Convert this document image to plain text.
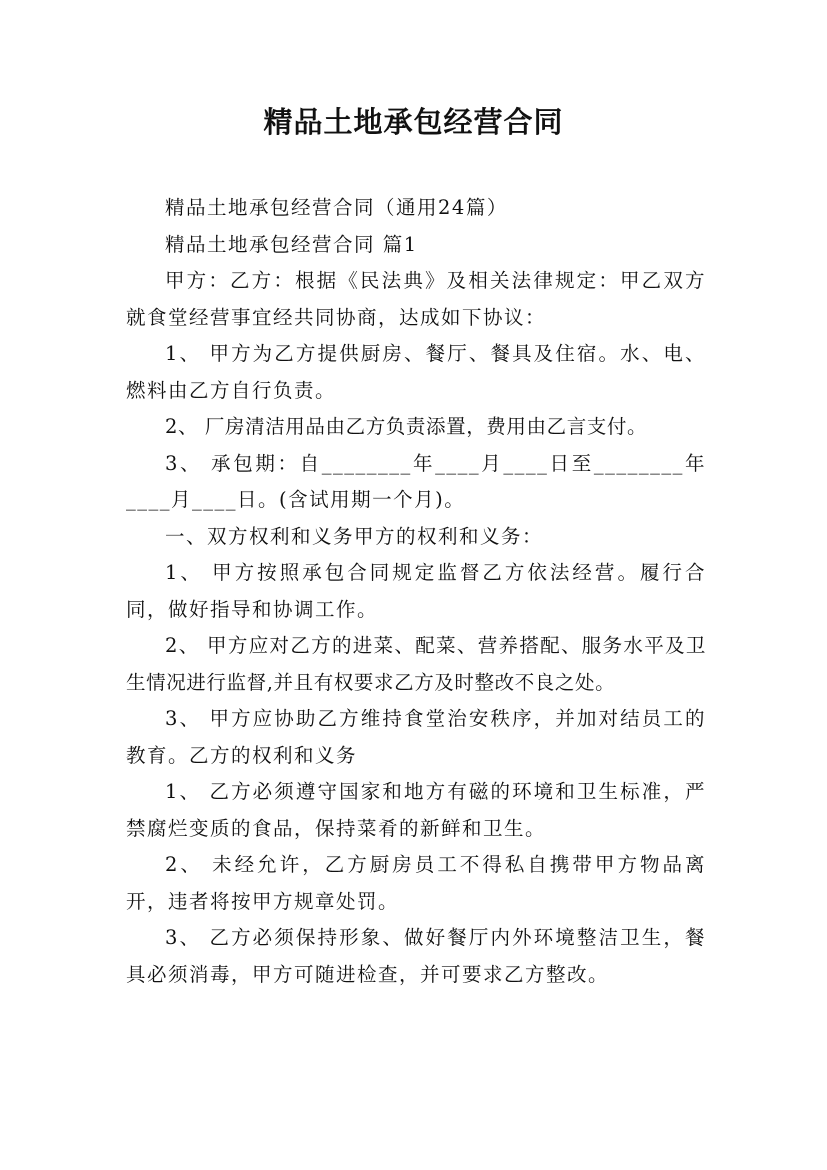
精品土地承包经营合同

精品土地承包经营合同（通用24篇）

精品土地承包经营合同 篇1

甲方：乙方：根据《民法典》及相关法律规定：甲乙双方就食堂经营事宜经共同协商，达成如下协议：

1、 甲方为乙方提供厨房、餐厅、餐具及住宿。水、电、燃料由乙方自行负责。

2、 厂房清洁用品由乙方负责添置，费用由乙言支付。

3、 承包期：自________年____月____日至________年____月____日。(含试用期一个月)。

一、双方权利和义务甲方的权利和义务：

1、 甲方按照承包合同规定监督乙方依法经营。履行合同，做好指导和协调工作。

2、 甲方应对乙方的进菜、配菜、营养搭配、服务水平及卫生情况进行监督,并且有权要求乙方及时整改不良之处。

3、 甲方应协助乙方维持食堂治安秩序，并加对结员工的教育。乙方的权利和义务

1、 乙方必须遵守国家和地方有磁的环境和卫生标准，严禁腐烂变质的食品，保持菜肴的新鲜和卫生。

2、 未经允许，乙方厨房员工不得私自携带甲方物品离开，违者将按甲方规章处罚。

3、 乙方必须保持形象、做好餐厅内外环境整洁卫生，餐具必须消毒，甲方可随进检查，并可要求乙方整改。
